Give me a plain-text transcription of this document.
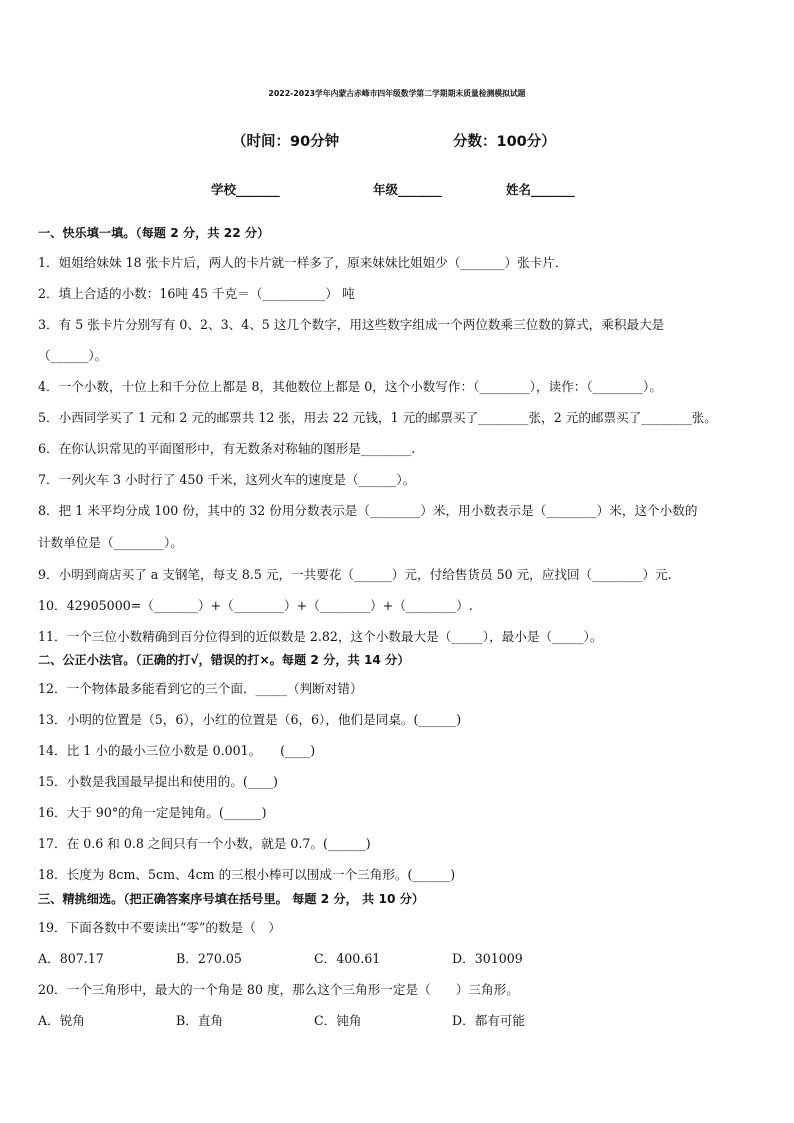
2022-2023学年内蒙古赤峰市四年级数学第二学期期末质量检测模拟试题
（时间：90分钟	分数：100分）
学校_______	年级_______	姓名_______
一、快乐填一填。（每题 2 分，共 22 分）
1．姐姐给妹妹 18 张卡片后，两人的卡片就一样多了，原来妹妹比姐姐少（_______）张卡片．
2．填上合适的小数：16吨 45 千克＝（__________） 吨
3．有 5 张卡片分别写有 0、2、3、4、5 这几个数字，用这些数字组成一个两位数乘三位数的算式，乘积最大是
（______）。
4．一个小数，十位上和千分位上都是 8，其他数位上都是 0，这个小数写作：（________），读作：（________）。
5．小西同学买了 1 元和 2 元的邮票共 12 张，用去 22 元钱，1 元的邮票买了________张，2 元的邮票买了________张。
6．在你认识常见的平面图形中，有无数条对称轴的图形是________.
7．一列火车 3 小时行了 450 千米，这列火车的速度是（______）。
8．把 1 米平均分成 100 份，其中的 32 份用分数表示是（________）米，用小数表示是（________）米，这个小数的
计数单位是（________）。
9．小明到商店买了 a 支钢笔，每支 8.5 元，一共要花（______）元，付给售货员 50 元，应找回（________）元.
10．42905000=（_______）+（________）+（________）+（________）.
11．一个三位小数精确到百分位得到的近似数是 2.82，这个小数最大是（_____），最小是（_____）。
二、公正小法官。（正确的打√，错误的打×。每题 2 分，共 14 分）
12．一个物体最多能看到它的三个面．_____（判断对错）
13．小明的位置是（5，6），小红的位置是（6，6），他们是同桌。(______)
14．比 1 小的最小三位小数是 0.001。　　(____)
15．小数是我国最早提出和使用的。(____)
16．大于 90°的角一定是钝角。(______)
17．在 0.6 和 0.8 之间只有一个小数，就是 0.7。(______)
18．长度为 8cm、5cm、4cm 的三根小棒可以围成一个三角形。(______)
三、精挑细选。（把正确答案序号填在括号里。 每题 2 分， 共 10 分）
19．下面各数中不要读出“零”的数是（　）
A．807.17	B．270.05	C．400.61	D．301009
20．一个三角形中，最大的一个角是 80 度，那么这个三角形一定是（　　）三角形。
A．锐角	B．直角	C．钝角	D．都有可能
